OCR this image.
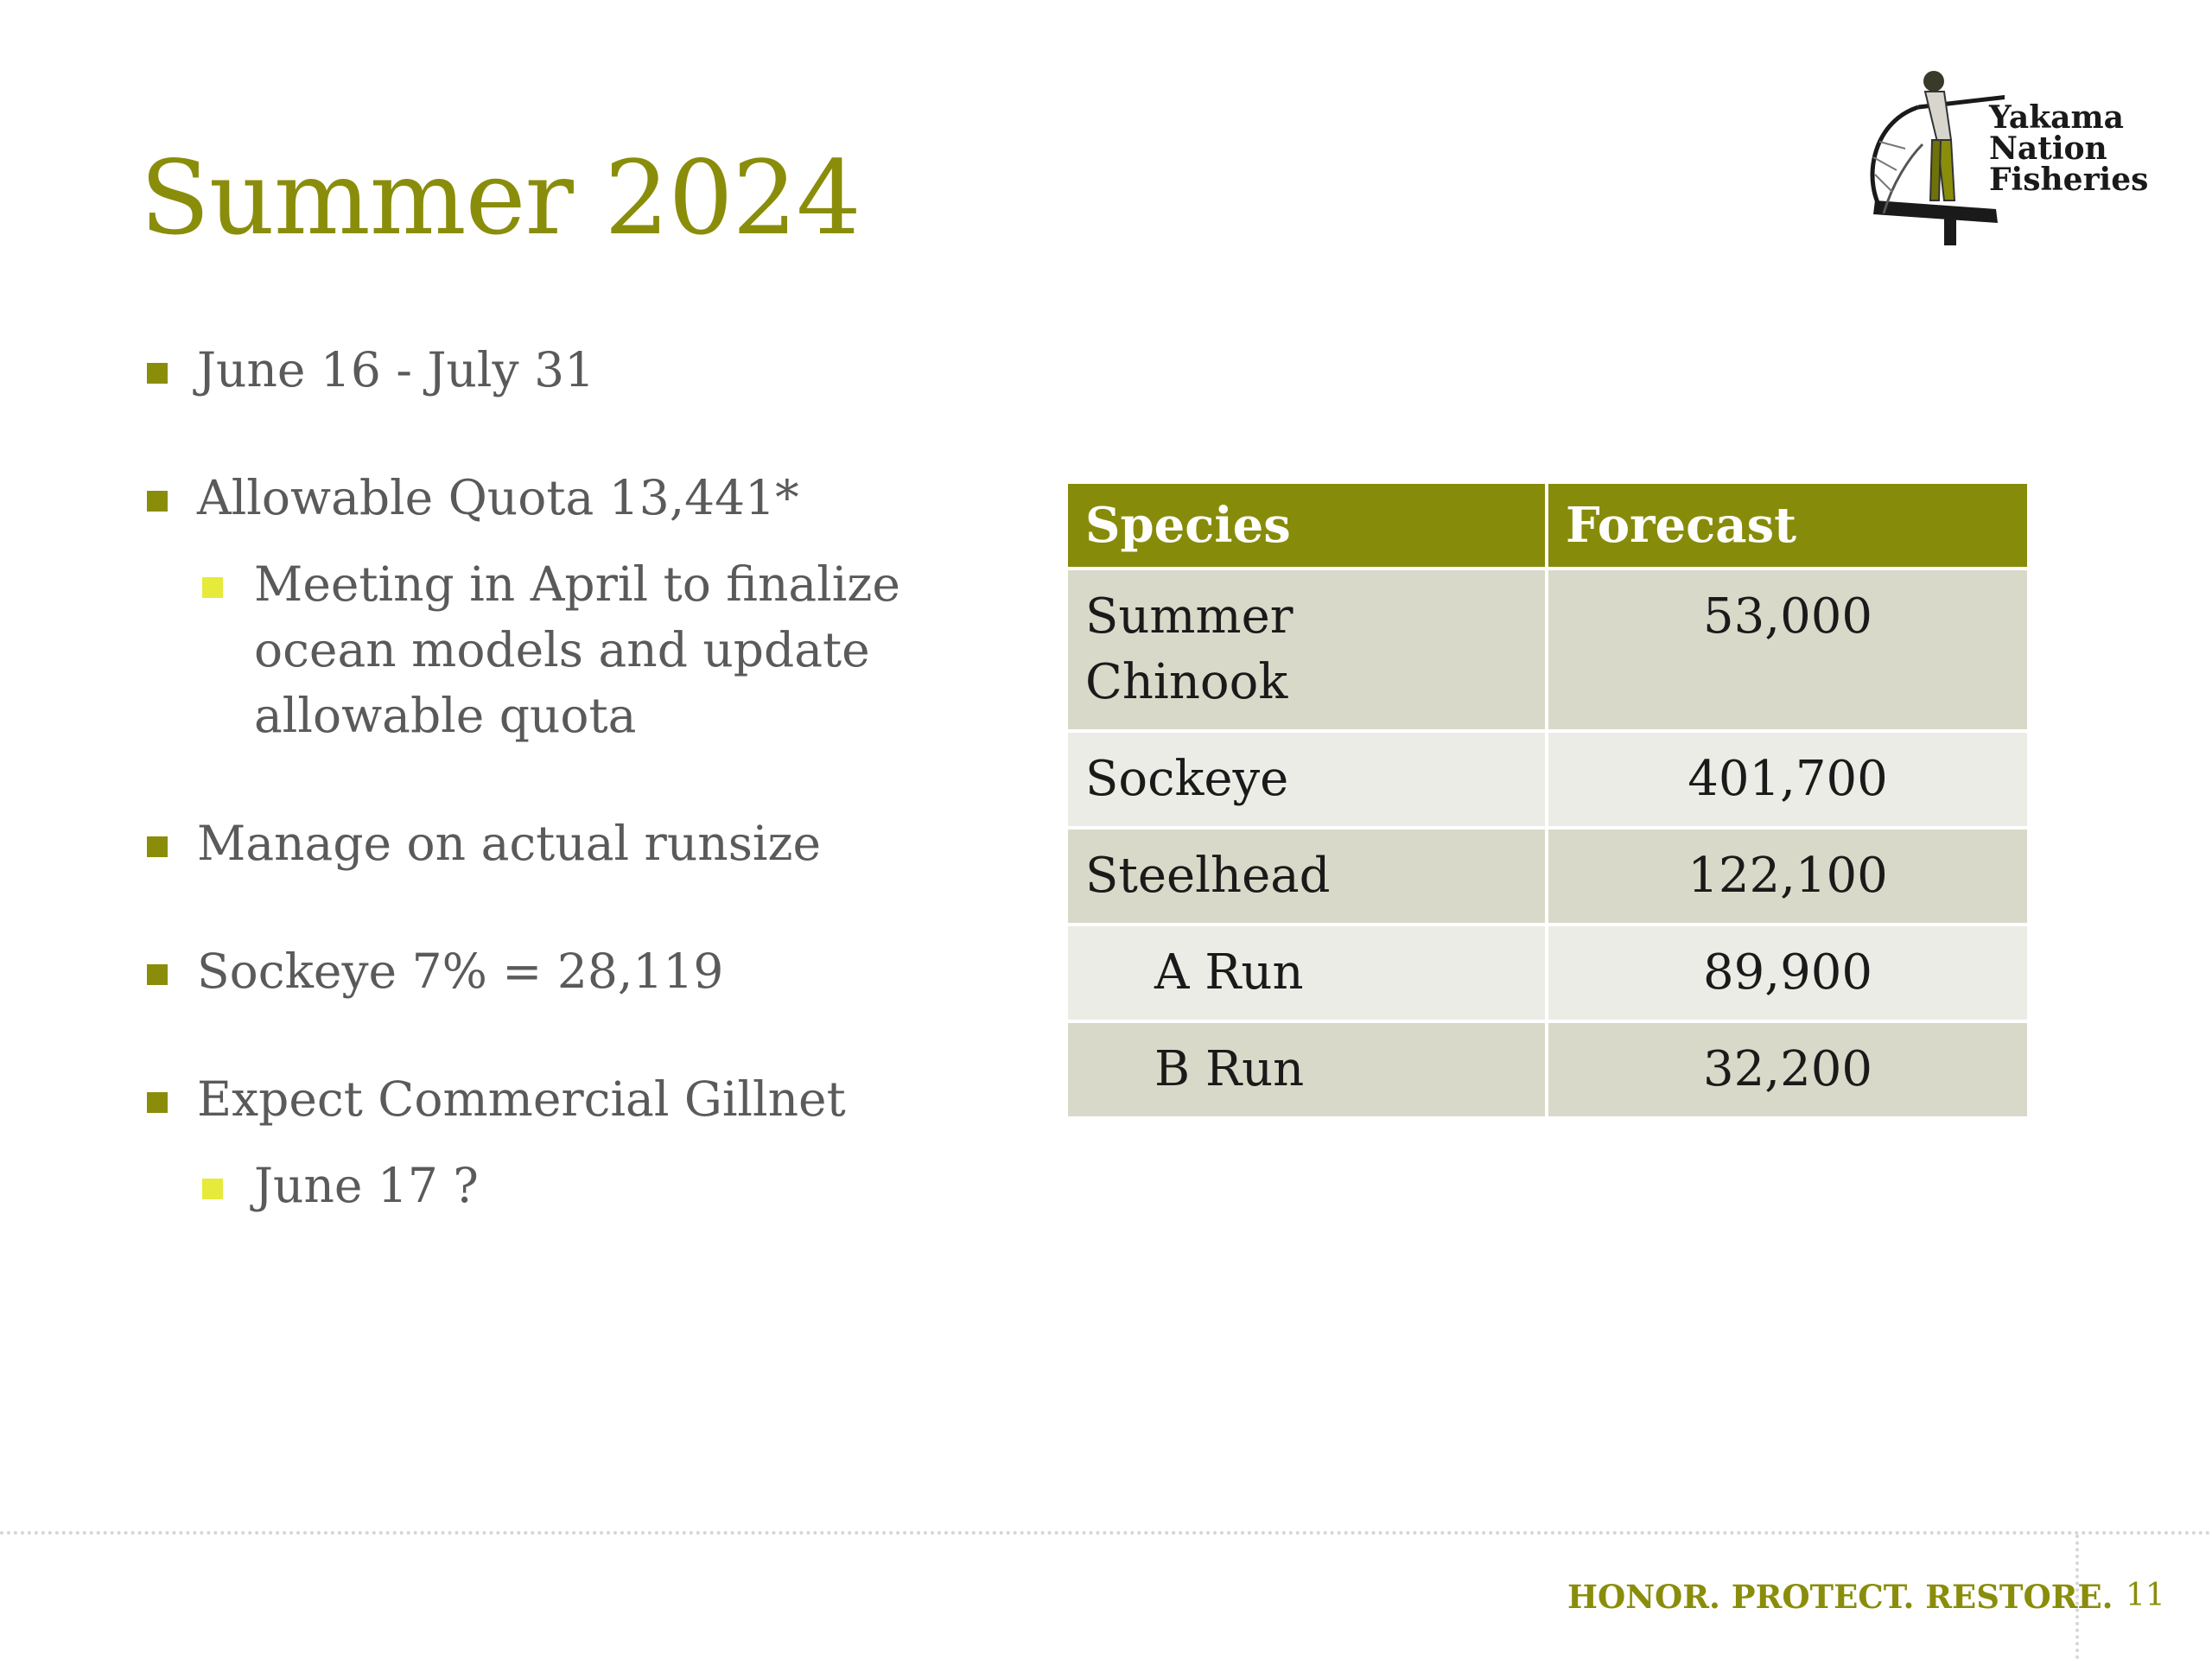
Summer 2024
Yakama
Nation
Fisheries
June 16 - July 31
Allowable Quota 13,441*
Meeting in April to finalize
ocean models and update
allowable quota
Manage on actual runsize
Sockeye 7% = 28,119
Expect Commercial Gillnet
June 17 ?
Species	Forecast
Summer
Chinook	53,000
Sockeye	401,700
Steelhead	122,100
A Run	89,900
B Run	32,200
HONOR. PROTECT. RESTORE. 11
